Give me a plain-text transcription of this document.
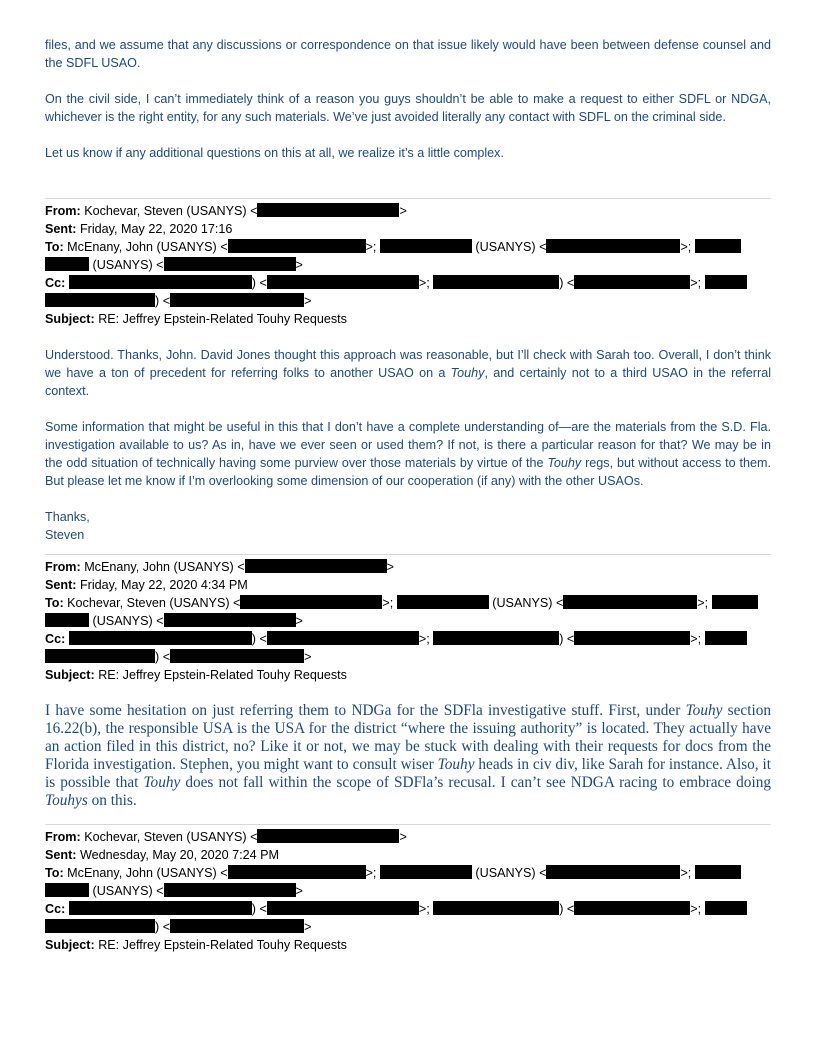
files, and we assume that any discussions or correspondence on that issue likely would have been between defense counsel and the SDFL USAO.

On the civil side, I can’t immediately think of a reason you guys shouldn’t be able to make a request to either SDFL or NDGA, whichever is the right entity, for any such materials. We’ve just avoided literally any contact with SDFL on the criminal side.

Let us know if any additional questions on this at all, we realize it’s a little complex.

From: Kochevar, Steven (USANYS) <	>
Sent: Friday, May 22, 2020 17:16
To: McEnany, John (USANYS) <	>;	(USANYS) <	>;
(USANYS) <	>
Cc:	) <	>;	) <	>;
) <	>
Subject: RE: Jeffrey Epstein-Related Touhy Requests

Understood. Thanks, John. David Jones thought this approach was reasonable, but I’ll check with Sarah too. Overall, I don’t think we have a ton of precedent for referring folks to another USAO on a Touhy, and certainly not to a third USAO in the referral context.

Some information that might be useful in this that I don’t have a complete understanding of—are the materials from the S.D. Fla. investigation available to us? As in, have we ever seen or used them? If not, is there a particular reason for that? We may be in the odd situation of technically having some purview over those materials by virtue of the Touhy regs, but without access to them. But please let me know if I’m overlooking some dimension of our cooperation (if any) with the other USAOs.

Thanks,

Steven

From: McEnany, John (USANYS) <	>
Sent: Friday, May 22, 2020 4:34 PM
To: Kochevar, Steven (USANYS) <	>;	(USANYS) <	>;
(USANYS) <	>
Cc:	) <	>;	) <	>;
) <	>
Subject: RE: Jeffrey Epstein-Related Touhy Requests

I have some hesitation on just referring them to NDGa for the SDFla investigative stuff. First, under Touhy section 16.22(b), the responsible USA is the USA for the district “where the issuing authority” is located. They actually have an action filed in this district, no? Like it or not, we may be stuck with dealing with their requests for docs from the Florida investigation. Stephen, you might want to consult wiser Touhy heads in civ div, like Sarah for instance. Also, it is possible that Touhy does not fall within the scope of SDFla’s recusal. I can’t see NDGA racing to embrace doing Touhys on this.

From: Kochevar, Steven (USANYS) <	>
Sent: Wednesday, May 20, 2020 7:24 PM
To: McEnany, John (USANYS) <	>;	(USANYS) <	>;
(USANYS) <	>
Cc:	) <	>;	) <	>;
) <	>
Subject: RE: Jeffrey Epstein-Related Touhy Requests
